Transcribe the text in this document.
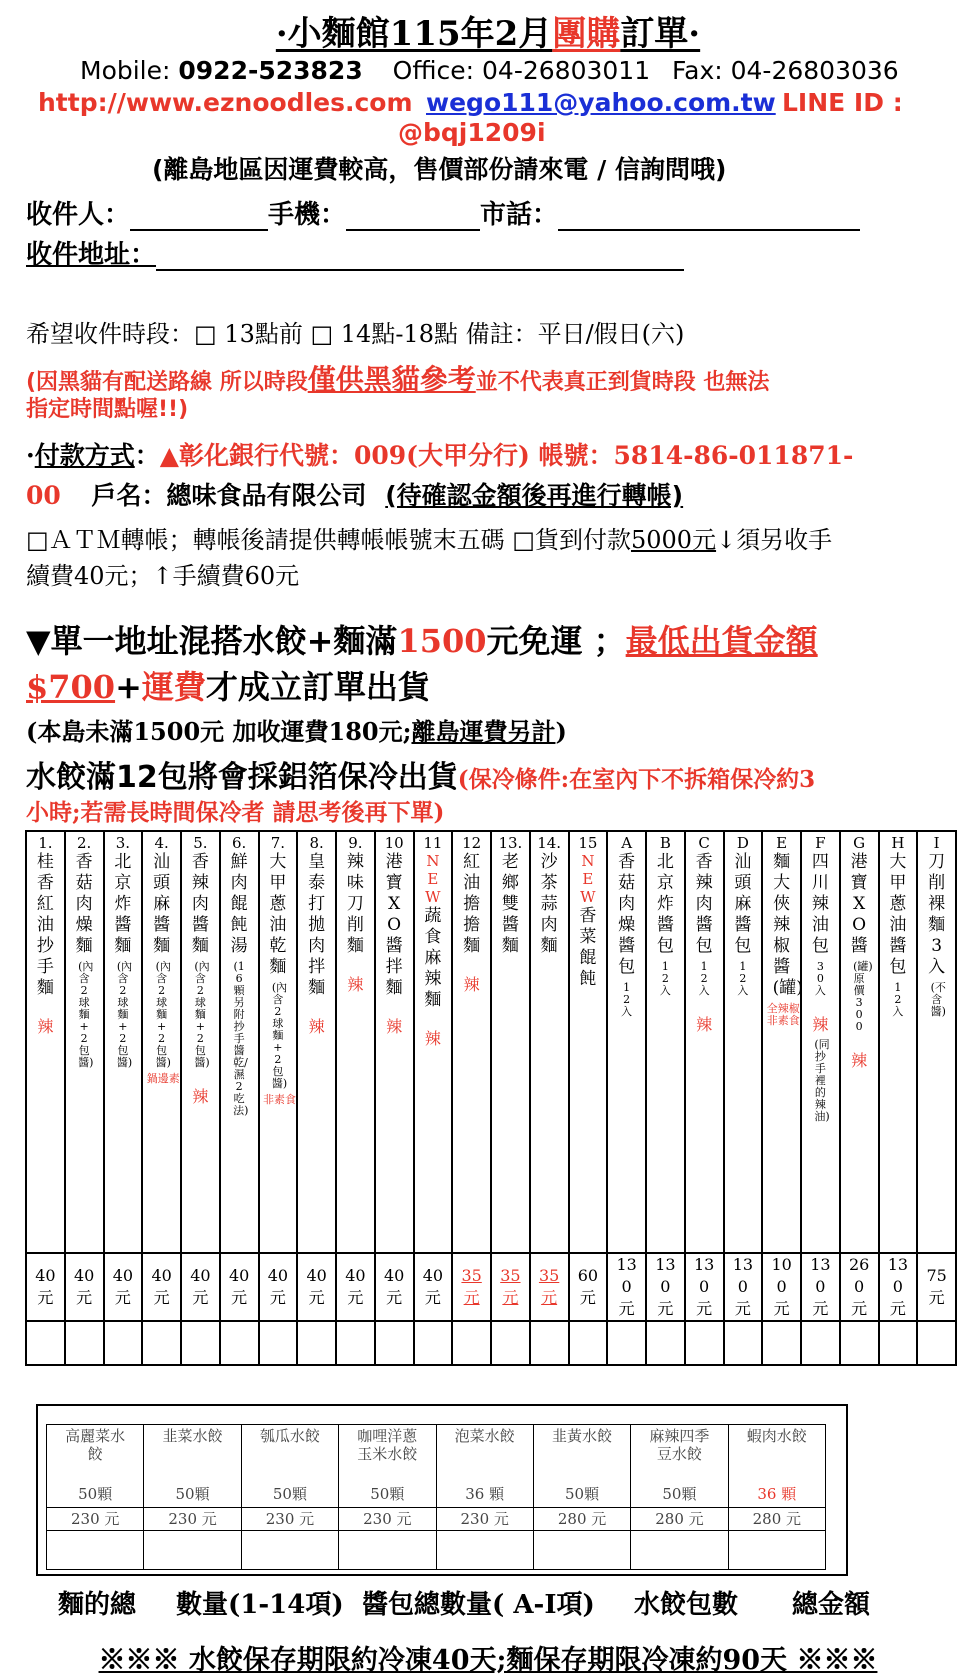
·小麵館115年2月團購訂單·
Mobile: 0922-523823 Office: 04-26803011 Fax: 04-26803036
http://www.eznoodles.com wego111@yahoo.com.tw LINE ID :
@bqj1209i
(離島地區因運費較高，售價部份請來電 / 信詢問哦)
收件人：	手機：	市話：
收件地址：
希望收件時段：□ 13點前 □ 14點-18點 備註：平日/假日(六)
(因黑貓有配送路線 所以時段僅供黑貓參考並不代表真正到貨時段 也無法
指定時間點喔!!)
·付款方式：▲彰化銀行代號：009(大甲分行) 帳號：5814-86-011871-
00 戶名：總味食品有限公司 (待確認金額後再進行轉帳)
□ＡＴＭ轉帳；轉帳後請提供轉帳帳號末五碼 □貨到付款5000元↓須另收手
續費40元；↑手續費60元
▼單一地址混搭水餃+麵滿1500元免運 ；最低出貨金額
$700+運費才成立訂單出貨
(本島未滿1500元 加收運費180元;離島運費另計)
水餃滿12包將會採鋁箔保冷出貨(保冷條件:在室內下不拆箱保冷約3
小時;若需長時間保冷者 請思考後再下單)
1.
桂香紅油抄手麵
辣	2.
香菇肉燥麵
(內含2球麵+2包醬)	3.
北京炸醬麵
(內含2球麵+2包醬)	4.
汕頭麻醬麵
(內含2球麵+2包醬)
鍋邊素	5.
香辣肉醬麵
(內含2球麵+2包醬)
辣	6.
鮮肉餛飩湯
(16顆另附抄手醬乾/濕2吃法)	7.
大甲蔥油乾麵
(內含2球麵+2包醬)
非素食	8.
皇泰打拋肉拌麵
辣	9.
辣味刀削麵
辣	10
港寶XO醬拌麵
辣	11
NEW
蔬食麻辣麵
辣	12
紅油擔擔麵
辣	13.
老鄉雙醬麵	14.
沙茶蒜肉麵	15
NEW
香菜餛飩	A
香菇肉燥醬包
12入	B
北京炸醬包
12入	C
香辣肉醬包
12入
辣	D
汕頭麻醬包
12入	E
麵大俠辣椒醬(罐)
全辣椒非素食	F
四川辣油包
30入
辣
(同抄手裡的辣油)	G
港寶XO醬
(罐)原價300
辣	H
大甲蔥油醬包
12入	I
刀削裸麵3入
(不含醬)

40元	40元	40元	40元	40元	40元	40元	40元	40元	40元	40元	35元	35元	35元	60元	130元	130元	130元	130元	100元	130元	260元	130元	75元

高麗菜水餃
50顆	韭菜水餃
50顆	瓠瓜水餃
50顆	咖哩洋蔥玉米水餃
50顆	泡菜水餃
36 顆	韭黃水餃
50顆	麻辣四季豆水餃
50顆	蝦肉水餃
36 顆

230 元	230 元	230 元	230 元	230 元	280 元	280 元	280 元

麵的總 數量(1-14項) 醬包總數量( A-I項) 水餃包數 總金額
※※※ 水餃保存期限約冷凍40天;麵保存期限冷凍約90天 ※※※
